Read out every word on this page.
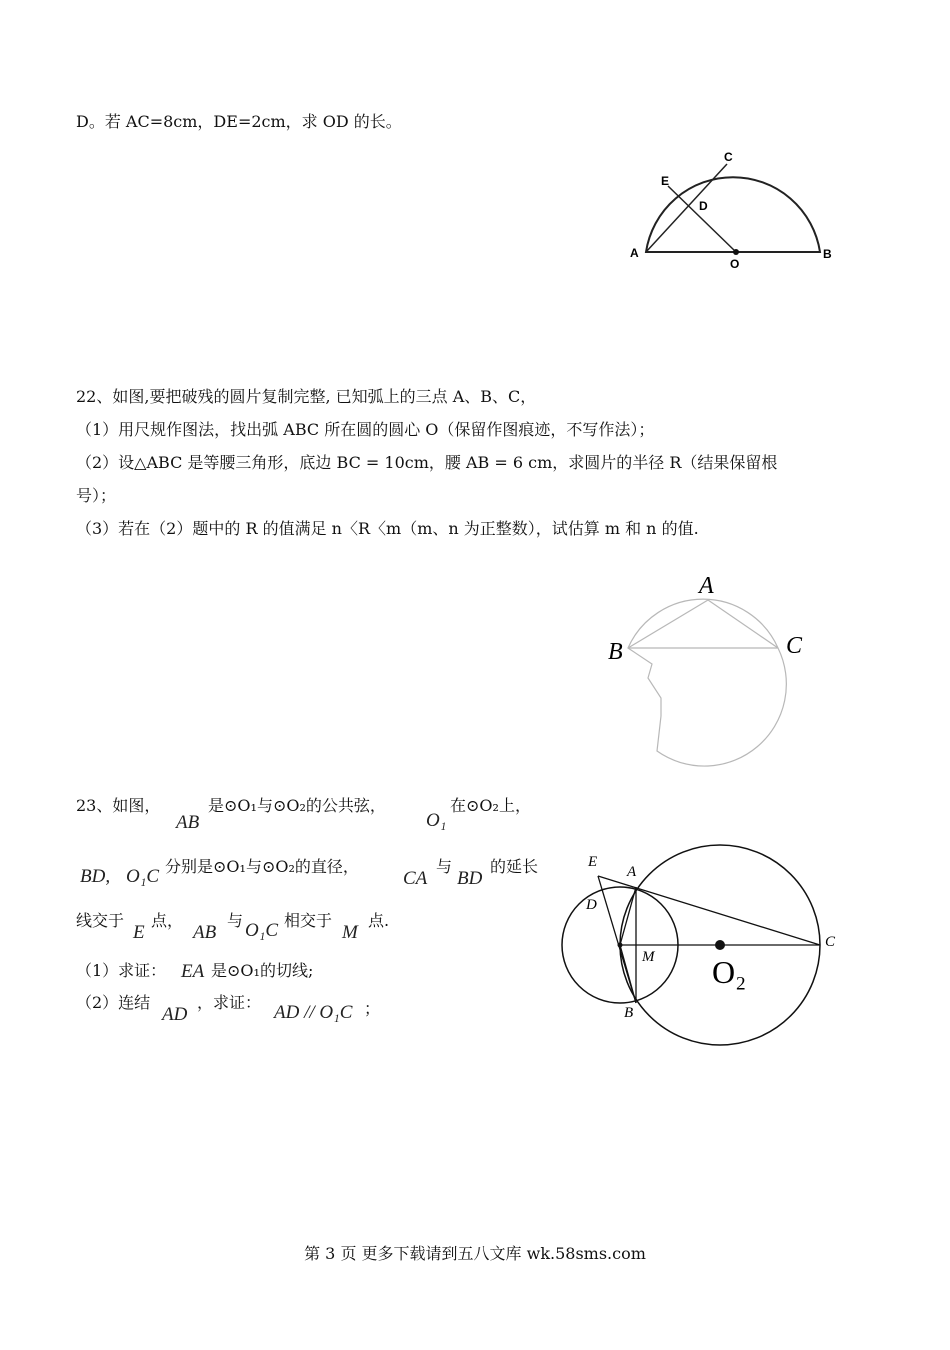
D。若 AC=8cm，DE=2cm，求 OD 的长。
A
C
E
D
O
B
22、如图,要把破残的圆片复制完整, 已知弧上的三点 A、B、C，
（1）用尺规作图法，找出弧 ABC 所在圆的圆心 O（保留作图痕迹，不写作法）；
（2）设△ABC 是等腰三角形，底边 BC = 10cm，腰 AB = 6 cm，求圆片的半径 R（结果保留根
号）；
（3）若在（2）题中的 R 的值满足 n〈R〈m（m、n 为正整数），试估算 m 和 n 的值.
A
B	C
23、如图，
AB
是⊙O₁与⊙O₂的公共弦，
O₁
在⊙O₂上，
BD, O₁C 分别是⊙O₁与⊙O₂的直径，
CA
与
BD
的延长
线交于
E
点，
AB
与 O₁C 相交于
M
点.
（1）求证： EA 是⊙O₁的切线;
（2）连结
AD
，求证： AD // O₁C ；
E
A
D
C
M
B
O₂
第 3 页 更多下载请到五八文库 wk.58sms.com
